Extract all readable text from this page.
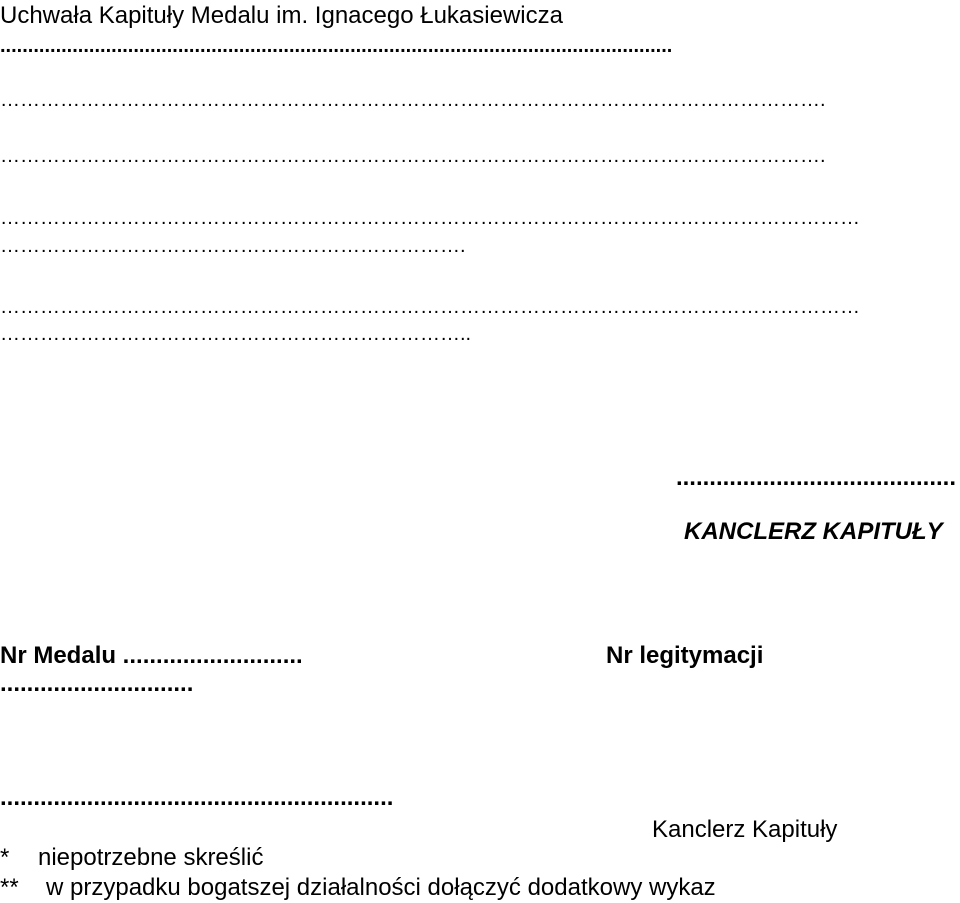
Uchwała Kapituły Medalu im. Ignacego Łukasiewicza
.........................................................................................................................
…………………………………………………………………………………………………………….
…………………………………………………………………………………………………………….
…………………………………………………………………………………………………………………
…………………………………………………………….
…………………………………………………………………………………………………………………
……………………………………………………………..
..........................................
KANCLERZ KAPITUŁY
Nr Medalu ...........................
.............................
Nr legitymacji
...........................................................
Kanclerz Kapituły
* niepotrzebne skreślić
** w przypadku bogatszej działalności dołączyć dodatkowy wykaz
